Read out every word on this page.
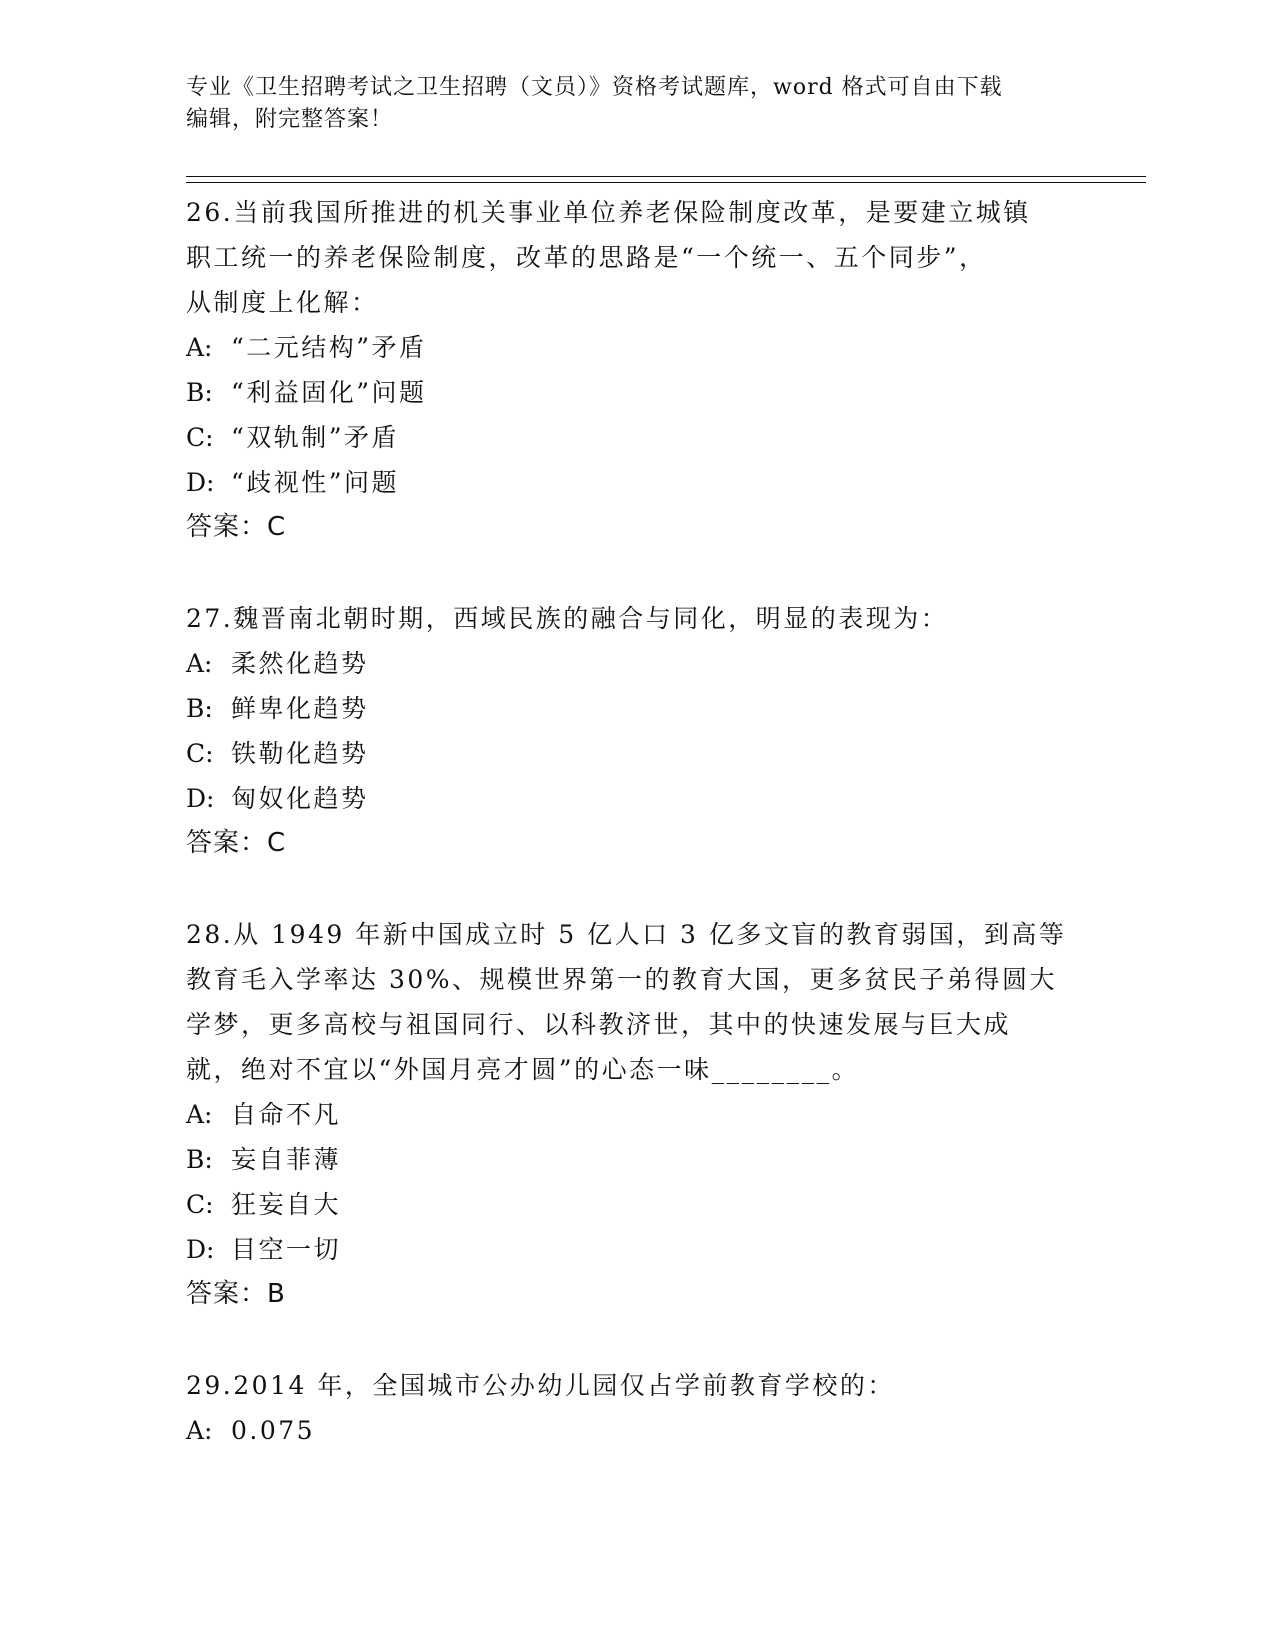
专业《卫生招聘考试之卫生招聘（文员）》资格考试题库，word 格式可自由下载
编辑，附完整答案！
26.当前我国所推进的机关事业单位养老保险制度改革，是要建立城镇
职工统一的养老保险制度，改革的思路是“一个统一、五个同步”，
从制度上化解：
A: “二元结构”矛盾
B: “利益固化”问题
C: “双轨制”矛盾
D: “歧视性”问题
答案：C
27.魏晋南北朝时期，西域民族的融合与同化，明显的表现为：
A: 柔然化趋势
B: 鲜卑化趋势
C: 铁勒化趋势
D: 匈奴化趋势
答案：C
28.从 1949 年新中国成立时 5 亿人口 3 亿多文盲的教育弱国，到高等
教育毛入学率达 30%、规模世界第一的教育大国，更多贫民子弟得圆大
学梦，更多高校与祖国同行、以科教济世，其中的快速发展与巨大成
就，绝对不宜以“外国月亮才圆”的心态一味________。
A: 自命不凡
B: 妄自菲薄
C: 狂妄自大
D: 目空一切
答案：B
29.2014 年，全国城市公办幼儿园仅占学前教育学校的：
A: 0.075
